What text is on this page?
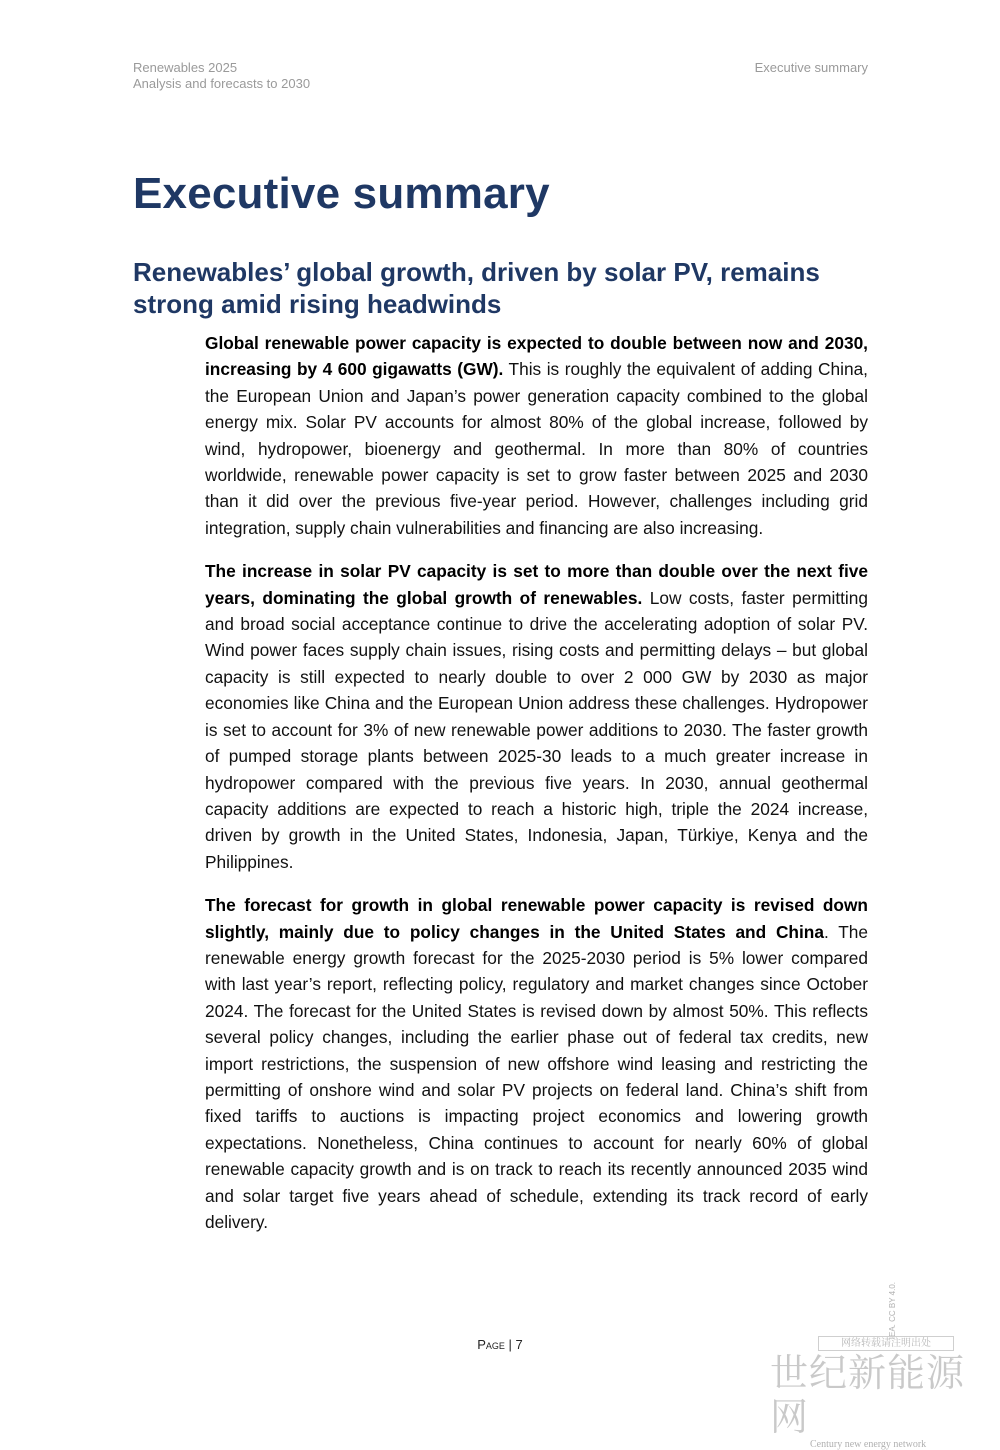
Renewables 2025
Analysis and forecasts to 2030
Executive summary
Executive summary
Renewables’ global growth, driven by solar PV, remains strong amid rising headwinds

Global renewable power capacity is expected to double between now and 2030, increasing by 4 600 gigawatts (GW). This is roughly the equivalent of adding China, the European Union and Japan’s power generation capacity combined to the global energy mix. Solar PV accounts for almost 80% of the global increase, followed by wind, hydropower, bioenergy and geothermal. In more than 80% of countries worldwide, renewable power capacity is set to grow faster between 2025 and 2030 than it did over the previous five-year period. However, challenges including grid integration, supply chain vulnerabilities and financing are also increasing.

The increase in solar PV capacity is set to more than double over the next five years, dominating the global growth of renewables. Low costs, faster permitting and broad social acceptance continue to drive the accelerating adoption of solar PV. Wind power faces supply chain issues, rising costs and permitting delays – but global capacity is still expected to nearly double to over 2 000 GW by 2030 as major economies like China and the European Union address these challenges. Hydropower is set to account for 3% of new renewable power additions to 2030. The faster growth of pumped storage plants between 2025-30 leads to a much greater increase in hydropower compared with the previous five years. In 2030, annual geothermal capacity additions are expected to reach a historic high, triple the 2024 increase, driven by growth in the United States, Indonesia, Japan, Türkiye, Kenya and the Philippines.

The forecast for growth in global renewable power capacity is revised down slightly, mainly due to policy changes in the United States and China. The renewable energy growth forecast for the 2025-2030 period is 5% lower compared with last year’s report, reflecting policy, regulatory and market changes since October 2024. The forecast for the United States is revised down by almost 50%. This reflects several policy changes, including the earlier phase out of federal tax credits, new import restrictions, the suspension of new offshore wind leasing and restricting the permitting of onshore wind and solar PV projects on federal land. China’s shift from fixed tariffs to auctions is impacting project economics and lowering growth expectations. Nonetheless, China continues to account for nearly 60% of global renewable capacity growth and is on track to reach its recently announced 2035 wind and solar target five years ahead of schedule, extending its track record of early delivery.

Page | 7
IEA. CC BY 4.0.
网络转载请注明出处
世纪新能源网
Century new energy network
